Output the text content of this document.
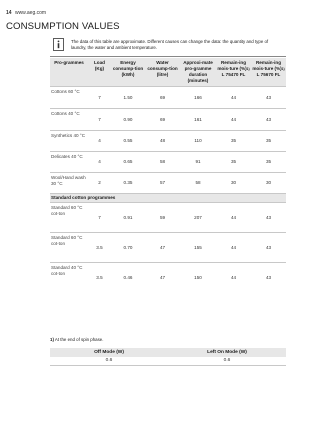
14 www.aeg.com
CONSUMPTION VALUES
The data of this table are approximate. Different causes can change the data: the quantity and type of laundry, the water and ambient temperature.
Pro-grammes	Load (Kg)	Energy consump-tion (kWh)	Water consump-tion (litre)	Approxi-mate pro-gramme duration (minutes)	Remain-ing mois-ture (%)$^{1)}$ L 75470 FL	Remain-ing mois-ture (%)$^{1)}$ L 75670 FL
Cottons 60 °C	7	1.50	69	166	44	43
Cottons 40 °C	7	0.90	69	161	44	43
Synthetics 40 °C	4	0.55	48	110	35	35
Delicates 40 °C	4	0.65	58	91	35	35
Wool/Hand wash 30 °C	2	0.35	57	58	30	30
Standard cotton programmes						
Standard 60 °C cot-ton	7	0.91	59	207	44	43
Standard 60 °C cot-ton	3.5	0.70	47	155	44	43
Standard 40 °C cot-ton	3.5	0.46	47	150	44	43
1) At the end of spin phase.
Off Mode (W)	Left On Mode (W)
0.6	0.6
